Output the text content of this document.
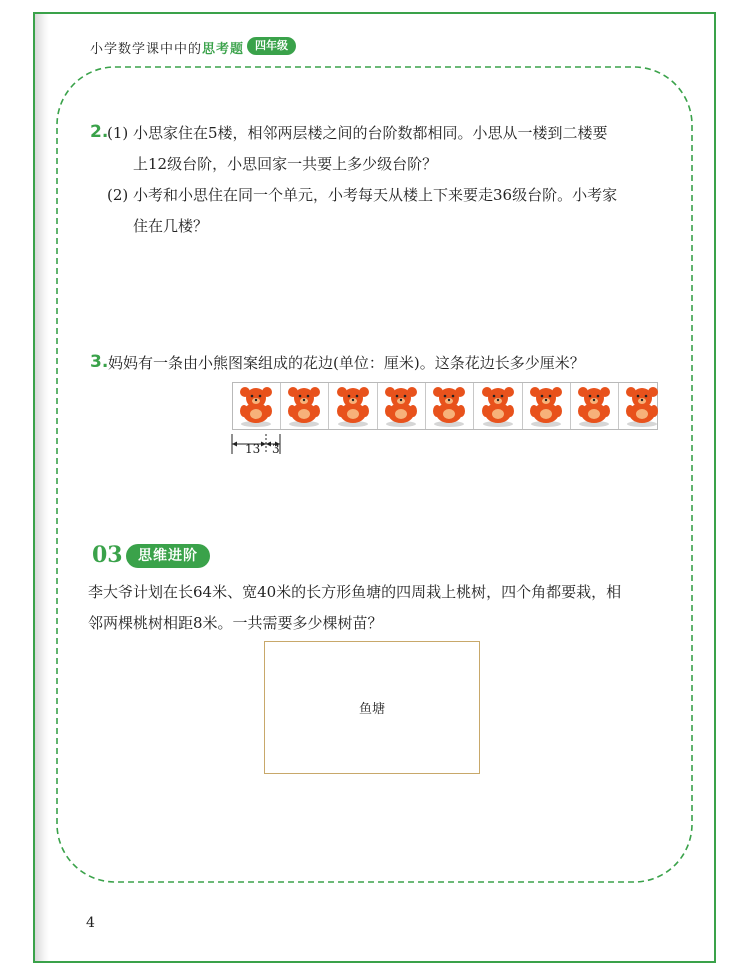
小学数学课中中的思考题 四年级
2.
(1) 小思家住在5楼，相邻两层楼之间的台阶数都相同。小思从一楼到二楼要
上12级台阶，小思回家一共要上多少级台阶？
(2) 小考和小思住在同一个单元，小考每天从楼上下来要走36级台阶。小考家
住在几楼？
3. 妈妈有一条由小熊图案组成的花边(单位：厘米)。这条花边长多少厘米？
13 3
03	思维进阶
李大爷计划在长64米、宽40米的长方形鱼塘的四周栽上桃树，四个角都要栽，相
邻两棵桃树相距8米。一共需要多少棵树苗？
鱼塘
4
